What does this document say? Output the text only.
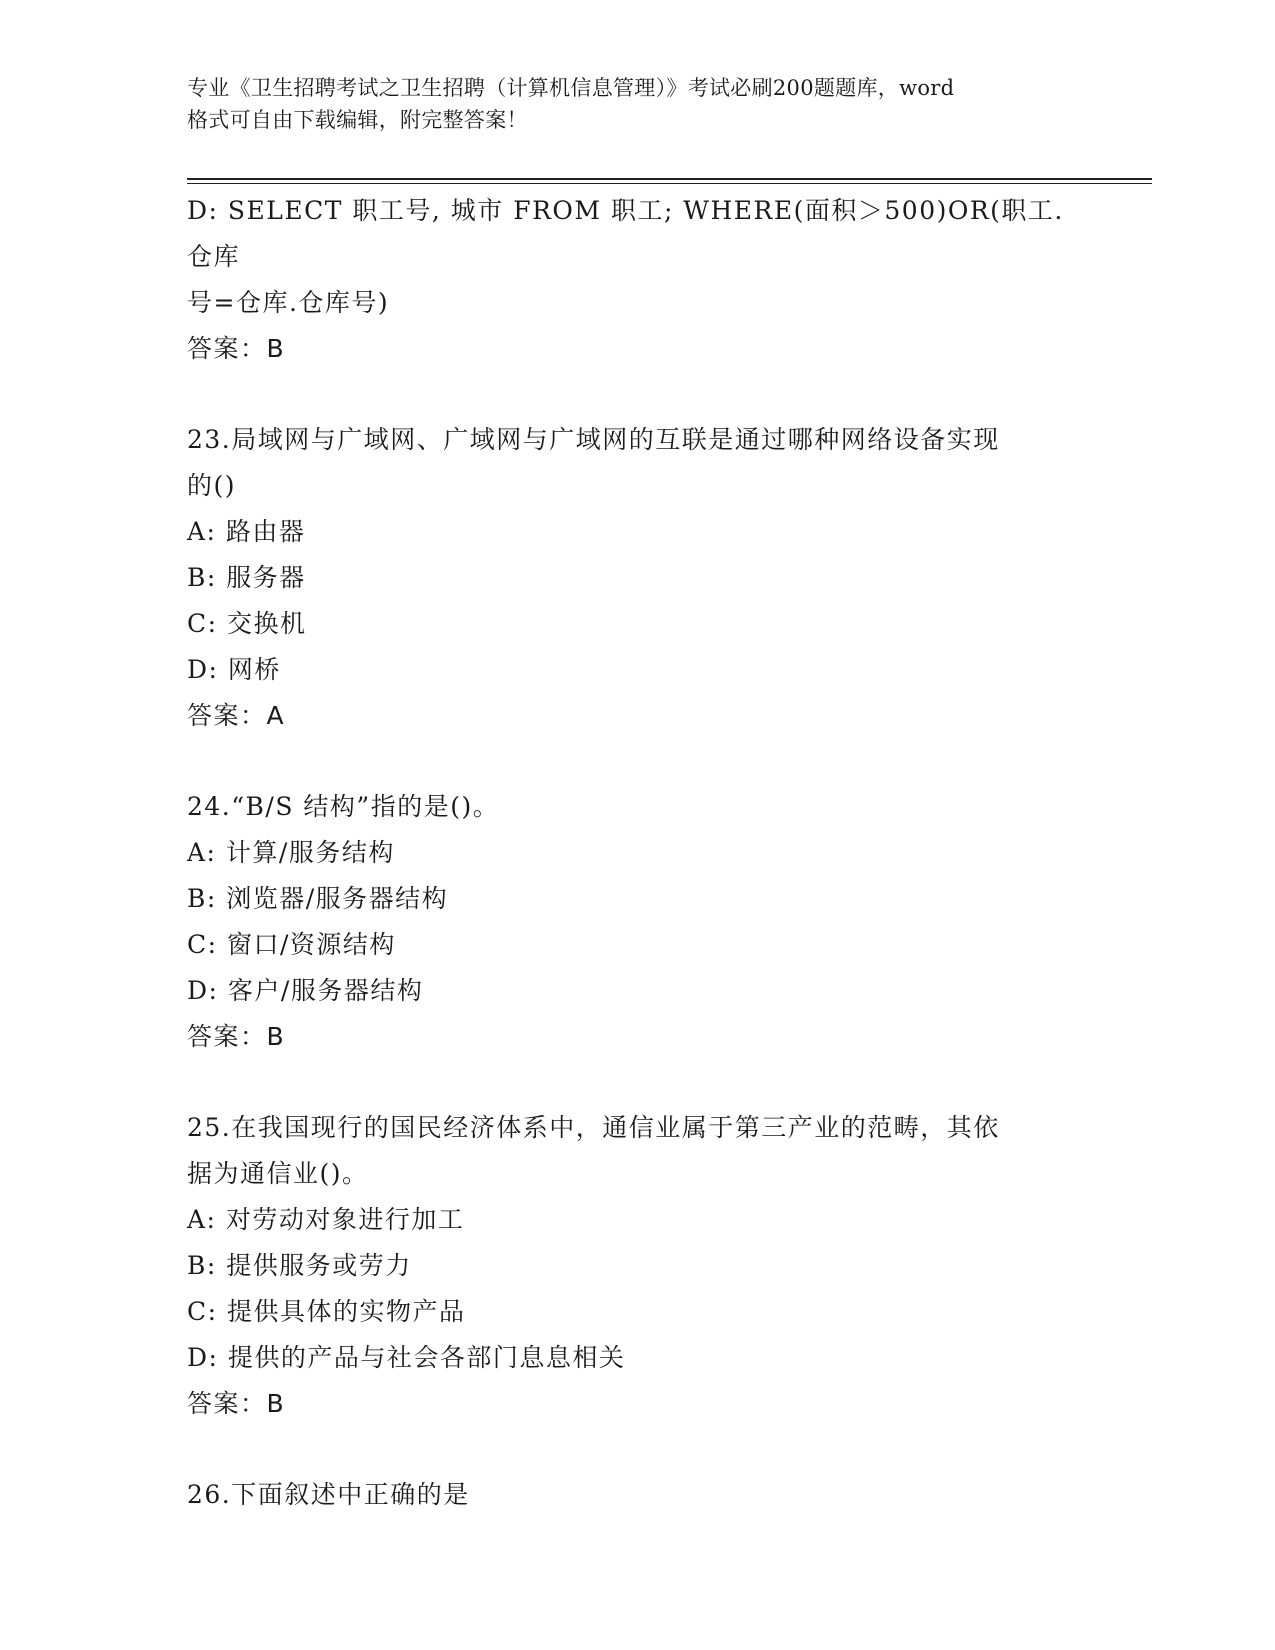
专业《卫生招聘考试之卫生招聘（计算机信息管理）》考试必刷200题题库，word
格式可自由下载编辑，附完整答案！
D: SELECT 职工号, 城市 FROM 职工; WHERE(面积＞500)OR(职工.仓库
号=仓库.仓库号)
答案：B
23.局域网与广域网、广域网与广域网的互联是通过哪种网络设备实现
的()
A: 路由器
B: 服务器
C: 交换机
D: 网桥
答案：A
24.“B/S 结构”指的是()。
A: 计算/服务结构
B: 浏览器/服务器结构
C: 窗口/资源结构
D: 客户/服务器结构
答案：B
25.在我国现行的国民经济体系中，通信业属于第三产业的范畴，其依
据为通信业()。
A: 对劳动对象进行加工
B: 提供服务或劳力
C: 提供具体的实物产品
D: 提供的产品与社会各部门息息相关
答案：B
26.下面叙述中正确的是
